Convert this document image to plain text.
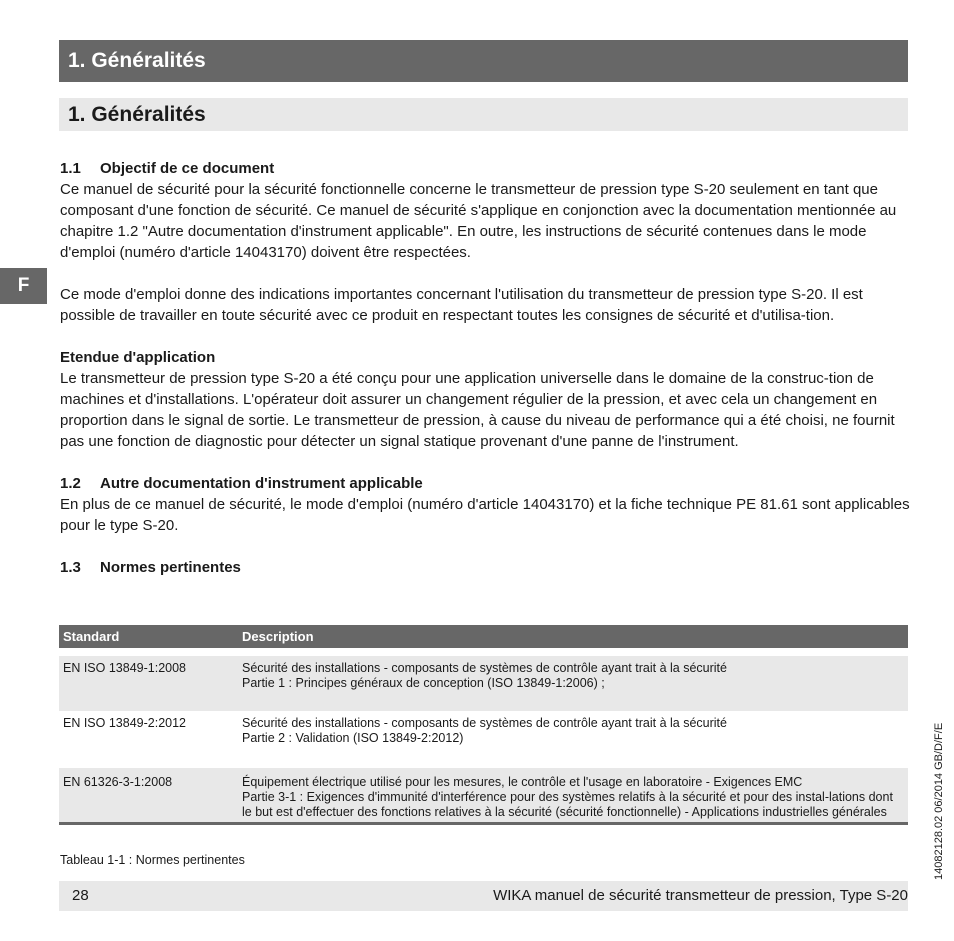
1. Généralités
1. Généralités
F

1.1 Objectif de ce document

Ce manuel de sécurité pour la sécurité fonctionnelle concerne le transmetteur de pression type S-20 seulement en tant que composant d'une fonction de sécurité. Ce manuel de sécurité s'applique en conjonction avec la documentation mentionnée au chapitre 1.2 "Autre documentation d'instrument applicable". En outre, les instructions de sécurité contenues dans le mode d'emploi (numéro d'article 14043170) doivent être respectées.

Ce mode d'emploi donne des indications importantes concernant l'utilisation du transmetteur de pression type S-20. Il est possible de travailler en toute sécurité avec ce produit en respectant toutes les consignes de sécurité et d'utilisa-tion.

Etendue d'application

Le transmetteur de pression type S-20 a été conçu pour une application universelle dans le domaine de la construc-tion de machines et d'installations. L'opérateur doit assurer un changement régulier de la pression, et avec cela un changement en proportion dans le signal de sortie. Le transmetteur de pression, à cause du niveau de performance qui a été choisi, ne fournit pas une fonction de diagnostic pour détecter un signal statique provenant d'une panne de l'instrument.

1.2 Autre documentation d'instrument applicable

En plus de ce manuel de sécurité, le mode d'emploi (numéro d'article 14043170) et la fiche technique PE 81.61 sont applicables pour le type S-20.

1.3 Normes pertinentes

Standard	Description

EN ISO 13849-1:2008	Sécurité des installations - composants de systèmes de contrôle ayant trait à la sécurité
Partie 1 : Principes généraux de conception (ISO 13849-1:2006) ;

EN ISO 13849-2:2012	Sécurité des installations - composants de systèmes de contrôle ayant trait à la sécurité
Partie 2 : Validation (ISO 13849-2:2012)

EN 61326-3-1:2008	Équipement électrique utilisé pour les mesures, le contrôle et l'usage en laboratoire - Exigences EMC
Partie 3-1 : Exigences d'immunité d'interférence pour des systèmes relatifs à la sécurité et pour des instal-lations dont le but est d'effectuer des fonctions relatives à la sécurité (sécurité fonctionnelle) - Applications industrielles générales
Tableau 1-1 : Normes pertinentes
28	WIKA manuel de sécurité transmetteur de pression, Type S-20
14082128.02 06/2014 GB/D/F/E
